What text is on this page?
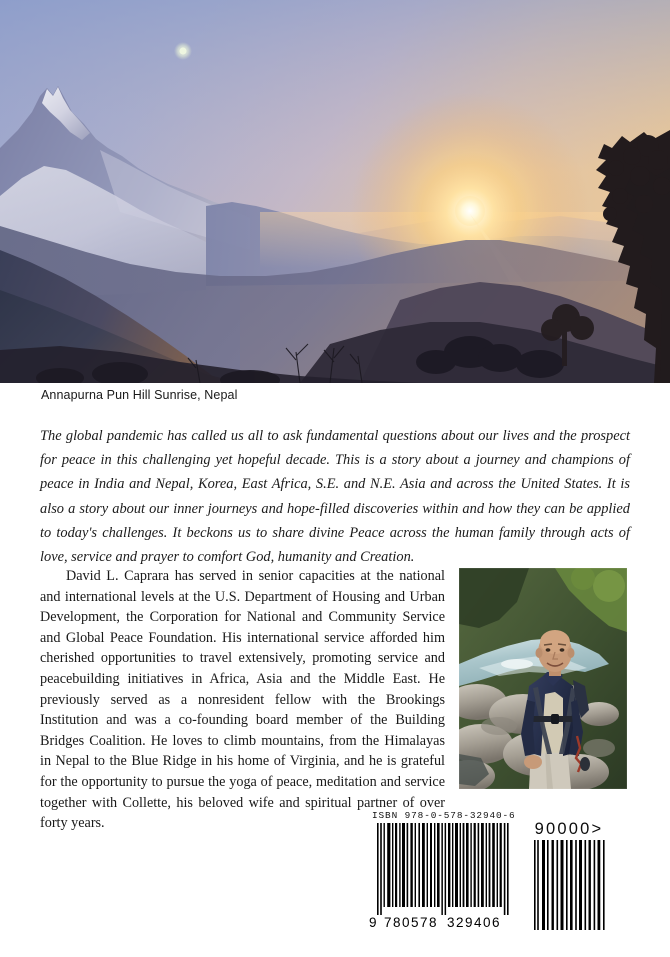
Annapurna Pun Hill Sunrise, Nepal
The global pandemic has called us all to ask fundamental questions about our lives and the prospect for peace in this challenging yet hopeful decade. This is a story about a journey and champions of peace in India and Nepal, Korea, East Africa, S.E. and N.E. Asia and across the United States. It is also a story about our inner journeys and hope-filled discoveries within and how they can be applied to today's challenges. It beckons us to share divine Peace across the human family through acts of love, service and prayer to comfort God, humanity and Creation.
David L. Caprara has served in senior capacities at the national and international levels at the U.S. Department of Housing and Urban Development, the Corporation for National and Community Service and Global Peace Foundation. His international service afforded him cherished opportunities to travel extensively, promoting service and peacebuilding initiatives in Africa, Asia and the Middle East. He previously served as a nonresident fellow with the Brookings Institution and was a co-founding board member of the Building Bridges Coalition. He loves to climb mountains, from the Himalayas in Nepal to the Blue Ridge in his home of Virginia, and he is grateful for the opportunity to pursue the yoga of peace, meditation and service together with Collette, his beloved wife and spiritual partner of over forty years.	ISBN 978-0-578-32940-6
9 780578 329406
90000>
